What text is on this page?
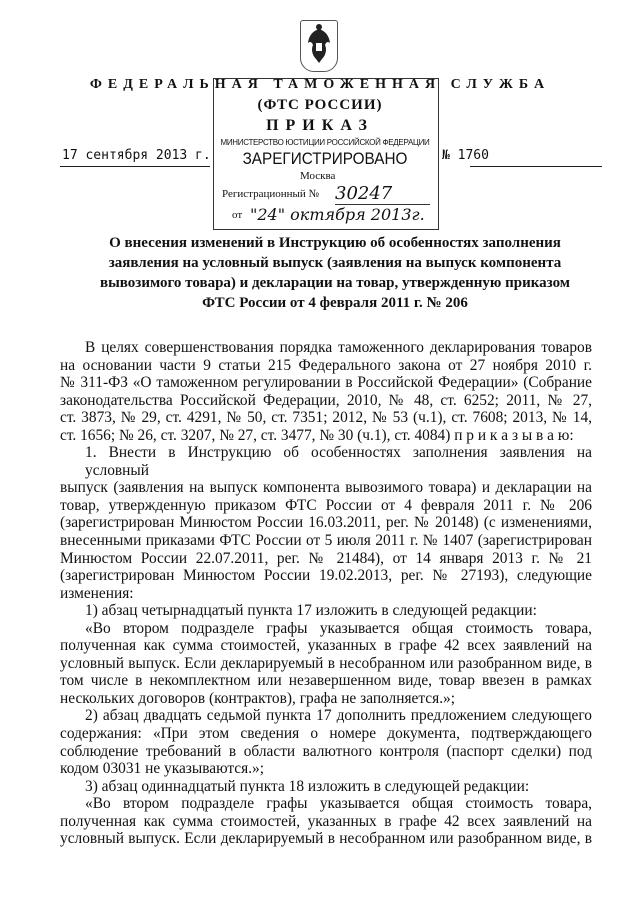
ФЕДЕРАЛЬНАЯ ТАМОЖЕННАЯ СЛУЖБА
(ФТС РОССИИ)
ПРИКАЗ
17 сентября 2013 г.	№ 1760
МИНИСТЕРСТВО ЮСТИЦИИ РОССИЙСКОЙ ФЕДЕРАЦИИ
ЗАРЕГИСТРИРОВАНО
Москва
Регистрационный № 30247
от "24" октября 2013г.
О внесения изменений в Инструкцию об особенностях заполнения
заявления на условный выпуск (заявления на выпуск компонента
вывозимого товара) и декларации на товар, утвержденную приказом
ФТС России от 4 февраля 2011 г. № 206
В целях совершенствования порядка таможенного декларирования товаров
на основании части 9 статьи 215 Федерального закона от 27 ноября 2010 г.
№ 311-ФЗ «О таможенном регулировании в Российской Федерации» (Собрание
законодательства Российской Федерации, 2010, № 48, ст. 6252; 2011, № 27,
ст. 3873, № 29, ст. 4291, № 50, ст. 7351; 2012, № 53 (ч.1), ст. 7608; 2013, № 14,
ст. 1656; № 26, ст. 3207, № 27, ст. 3477, № 30 (ч.1), ст. 4084) п р и к а з ы в а ю:
1. Внести в Инструкцию об особенностях заполнения заявления на условный
выпуск (заявления на выпуск компонента вывозимого товара) и декларации на
товар, утвержденную приказом ФТС России от 4 февраля 2011 г. № 206
(зарегистрирован Минюстом России 16.03.2011, рег. № 20148) (с изменениями,
внесенными приказами ФТС России от 5 июля 2011 г. № 1407 (зарегистрирован
Минюстом России 22.07.2011, рег. № 21484), от 14 января 2013 г. № 21
(зарегистрирован Минюстом России 19.02.2013, рег. № 27193), следующие
изменения:
1) абзац четырнадцатый пункта 17 изложить в следующей редакции:
«Во втором подразделе графы указывается общая стоимость товара,
полученная как сумма стоимостей, указанных в графе 42 всех заявлений на
условный выпуск. Если декларируемый в несобранном или разобранном виде, в
том числе в некомплектном или незавершенном виде, товар ввезен в рамках
нескольких договоров (контрактов), графа не заполняется.»;
2) абзац двадцать седьмой пункта 17 дополнить предложением следующего
содержания: «При этом сведения о номере документа, подтверждающего
соблюдение требований в области валютного контроля (паспорт сделки) под
кодом 03031 не указываются.»;
3) абзац одиннадцатый пункта 18 изложить в следующей редакции:
«Во втором подразделе графы указывается общая стоимость товара,
полученная как сумма стоимостей, указанных в графе 42 всех заявлений на
условный выпуск. Если декларируемый в несобранном или разобранном виде, в
